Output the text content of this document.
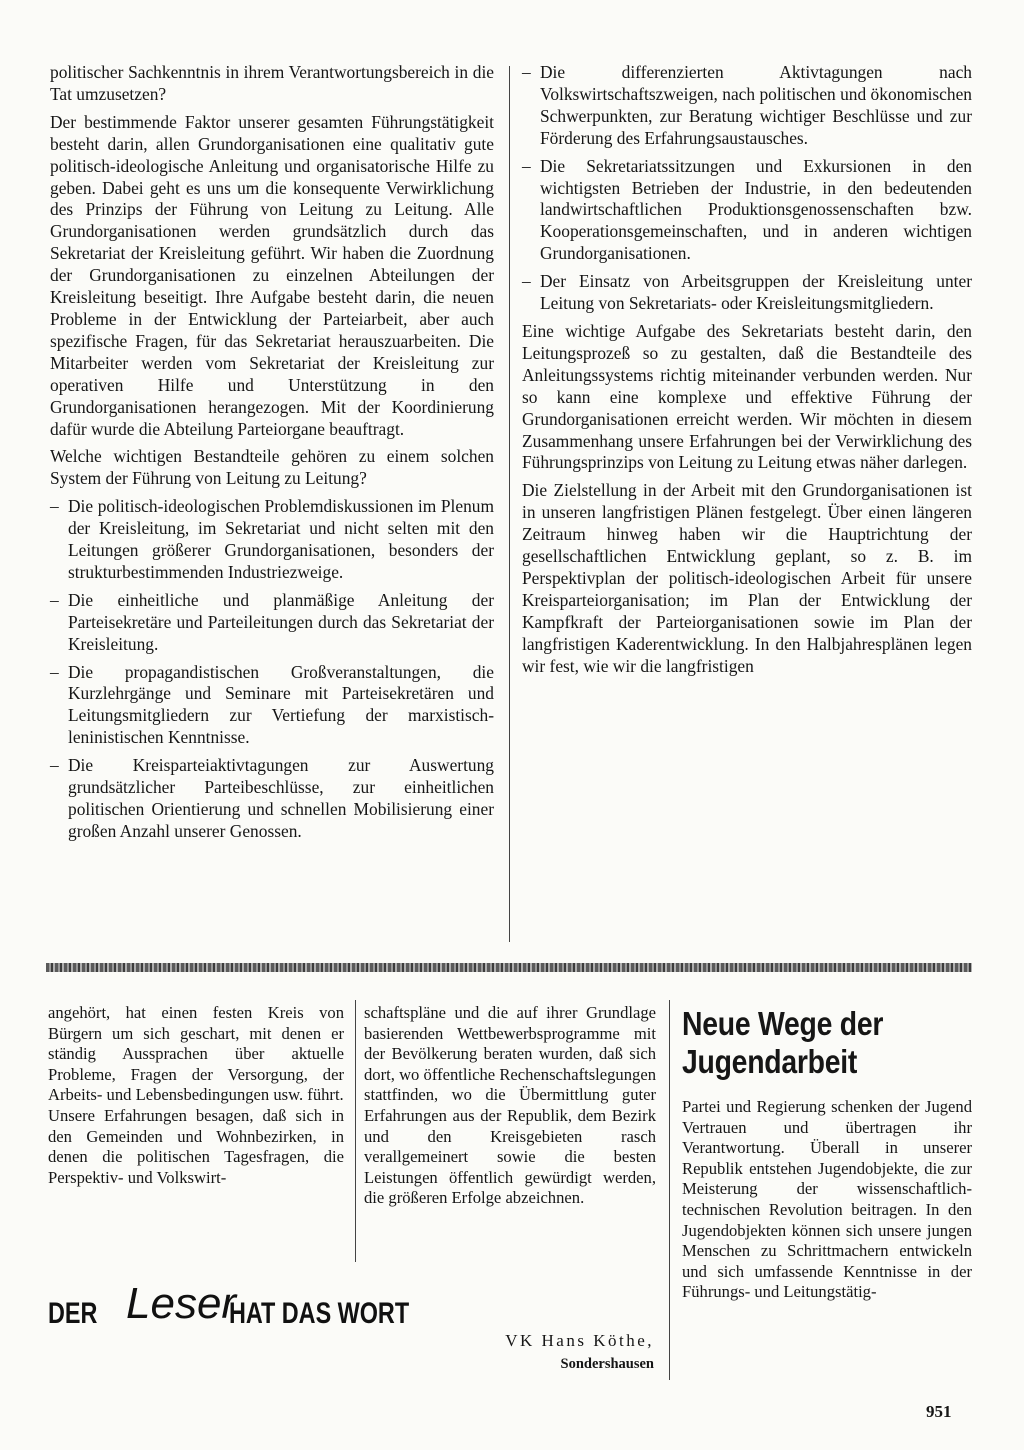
politischer Sachkenntnis in ihrem Verantwortungsbereich in die Tat umzusetzen?

Der bestimmende Faktor unserer gesamten Führungstätigkeit besteht darin, allen Grundorganisationen eine qualitativ gute politisch-ideologische Anleitung und organisatorische Hilfe zu geben. Dabei geht es uns um die konsequente Verwirklichung des Prinzips der Führung von Leitung zu Leitung. Alle Grundorganisationen werden grundsätzlich durch das Sekretariat der Kreisleitung geführt. Wir haben die Zuordnung der Grundorganisationen zu einzelnen Abteilungen der Kreisleitung beseitigt. Ihre Aufgabe besteht darin, die neuen Probleme in der Entwicklung der Parteiarbeit, aber auch spezifische Fragen, für das Sekretariat herauszuarbeiten. Die Mitarbeiter werden vom Sekretariat der Kreisleitung zur operativen Hilfe und Unterstützung in den Grundorganisationen herangezogen. Mit der Koordinierung dafür wurde die Abteilung Parteiorgane beauftragt.

Welche wichtigen Bestandteile gehören zu einem solchen System der Führung von Leitung zu Leitung?

– Die politisch-ideologischen Problemdiskussionen im Plenum der Kreisleitung, im Sekretariat und nicht selten mit den Leitungen größerer Grundorganisationen, besonders der strukturbestimmenden Industriezweige.
– Die einheitliche und planmäßige Anleitung der Parteisekretäre und Parteileitungen durch das Sekretariat der Kreisleitung.
– Die propagandistischen Großveranstaltungen, die Kurzlehrgänge und Seminare mit Parteisekretären und Leitungsmitgliedern zur Vertiefung der marxistisch-leninistischen Kenntnisse.
– Die Kreisparteiaktivtagungen zur Auswertung grundsätzlicher Parteibeschlüsse, zur einheitlichen politischen Orientierung und schnellen Mobilisierung einer großen Anzahl unserer Genossen.
– Die differenzierten Aktivtagungen nach Volkswirtschaftszweigen, nach politischen und ökonomischen Schwerpunkten, zur Beratung wichtiger Beschlüsse und zur Förderung des Erfahrungsaustausches.
– Die Sekretariatssitzungen und Exkursionen in den wichtigsten Betrieben der Industrie, in den bedeutenden landwirtschaftlichen Produktionsgenossenschaften bzw. Kooperationsgemeinschaften, und in anderen wichtigen Grundorganisationen.
– Der Einsatz von Arbeitsgruppen der Kreisleitung unter Leitung von Sekretariats- oder Kreisleitungsmitgliedern.

Eine wichtige Aufgabe des Sekretariats besteht darin, den Leitungsprozeß so zu gestalten, daß die Bestandteile des Anleitungssystems richtig miteinander verbunden werden. Nur so kann eine komplexe und effektive Führung der Grundorganisationen erreicht werden. Wir möchten in diesem Zusammenhang unsere Erfahrungen bei der Verwirklichung des Führungsprinzips von Leitung zu Leitung etwas näher darlegen.

Die Zielstellung in der Arbeit mit den Grundorganisationen ist in unseren langfristigen Plänen festgelegt. Über einen längeren Zeitraum hinweg haben wir die Hauptrichtung der gesellschaftlichen Entwicklung geplant, so z. B. im Perspektivplan der politisch-ideologischen Arbeit für unsere Kreisparteiorganisation; im Plan der Entwicklung der Kampfkraft der Parteiorganisationen sowie im Plan der langfristigen Kaderentwicklung. In den Halbjahresplänen legen wir fest, wie wir die langfristigen

angehört, hat einen festen Kreis von Bürgern um sich geschart, mit denen er ständig Aussprachen über aktuelle Probleme, Fragen der Versorgung, der Arbeits- und Lebensbedingungen usw. führt.

Unsere Erfahrungen besagen, daß sich in den Gemeinden und Wohnbezirken, in denen die politischen Tagesfragen, die Perspektiv- und Volkswirt-

schaftspläne und die auf ihrer Grundlage basierenden Wettbewerbsprogramme mit der Bevölkerung beraten wurden, daß sich dort, wo öffentliche Rechenschaftslegungen stattfinden, wo die Übermittlung guter Erfahrungen aus der Republik, dem Bezirk und den Kreisgebieten rasch verallgemeinert sowie die besten Leistungen öffentlich gewürdigt werden, die größeren Erfolge abzeichnen.

DER Leser
HAT DAS WORT
VK Hans Köthe,
Sondershausen
Neue Wege der
Jugendarbeit

Partei und Regierung schenken der Jugend Vertrauen und übertragen ihr Verantwortung. Überall in unserer Republik entstehen Jugendobjekte, die zur Meisterung der wissenschaftlich-technischen Revolution beitragen. In den Jugendobjekten können sich unsere jungen Menschen zu Schrittmachern entwickeln und sich umfassende Kenntnisse in der Führungs- und Leitungstätig-

951
